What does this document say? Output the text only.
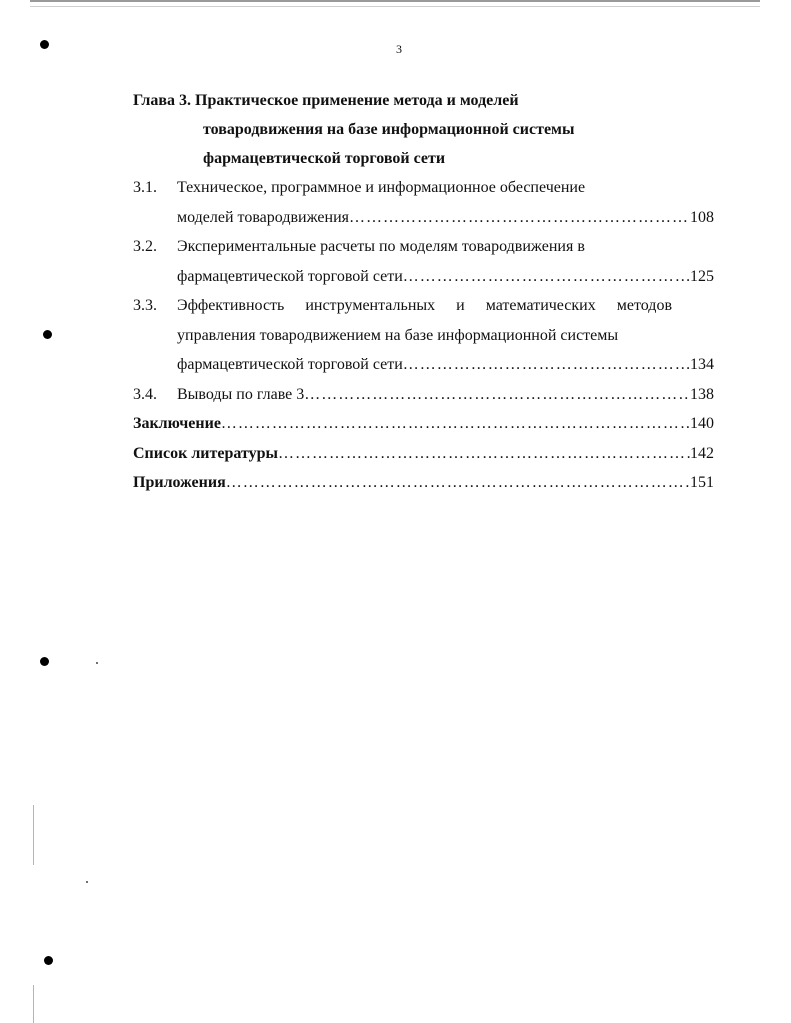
3
Глава 3. Практическое применение метода и моделей
товародвижения на базе информационной системы
фармацевтической торговой сети
3.1. Техническое, программное и информационное обеспечение
моделей товародвижения ……………………………………………………………………………………………………………………………………………………	108
3.2. Экспериментальные расчеты по моделям товародвижения в
фармацевтической торговой сети ……………………………………………………………………………………………………………………………………………………	125
3.3.	Эффективность инструментальных и математических методов
управления товародвижением на базе информационной системы
фармацевтической торговой сети ……………………………………………………………………………………………………………………………………………………	134
3.4.	Выводы по главе 3 ……………………………………………………………………………………………………………………………………………………	138
Заключение ……………………………………………………………………………………………………………………………………………………	140
Список литературы ……………………………………………………………………………………………………………………………………………………	142
Приложения ……………………………………………………………………………………………………………………………………………………	151
